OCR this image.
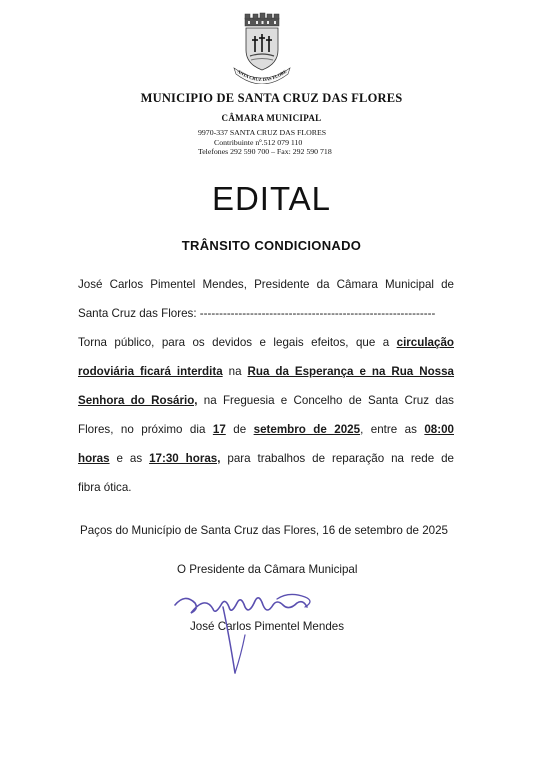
ANTA CRUZ DAS FLORE
MUNICIPIO DE SANTA CRUZ DAS FLORES
CÂMARA MUNICIPAL
9970-337 SANTA CRUZ DAS FLORES
Contribuinte nº.512 079 110
Telefones 292 590 700 – Fax: 292 590 718
EDITAL
TRÂNSITO CONDICIONADO
José Carlos Pimentel Mendes, Presidente da Câmara Municipal de
Santa Cruz das Flores: -------------------------------------------------------------
Torna público, para os devidos e legais efeitos, que a circulação
rodoviária ficará interdita na Rua da Esperança e na Rua Nossa
Senhora do Rosário, na Freguesia e Concelho de Santa Cruz das
Flores, no próximo dia 17 de setembro de 2025, entre as 08:00
horas e as 17:30 horas, para trabalhos de reparação na rede de
fibra ótica.
Paços do Município de Santa Cruz das Flores, 16 de setembro de 2025
O Presidente da Câmara Municipal
José Carlos Pimentel Mendes
